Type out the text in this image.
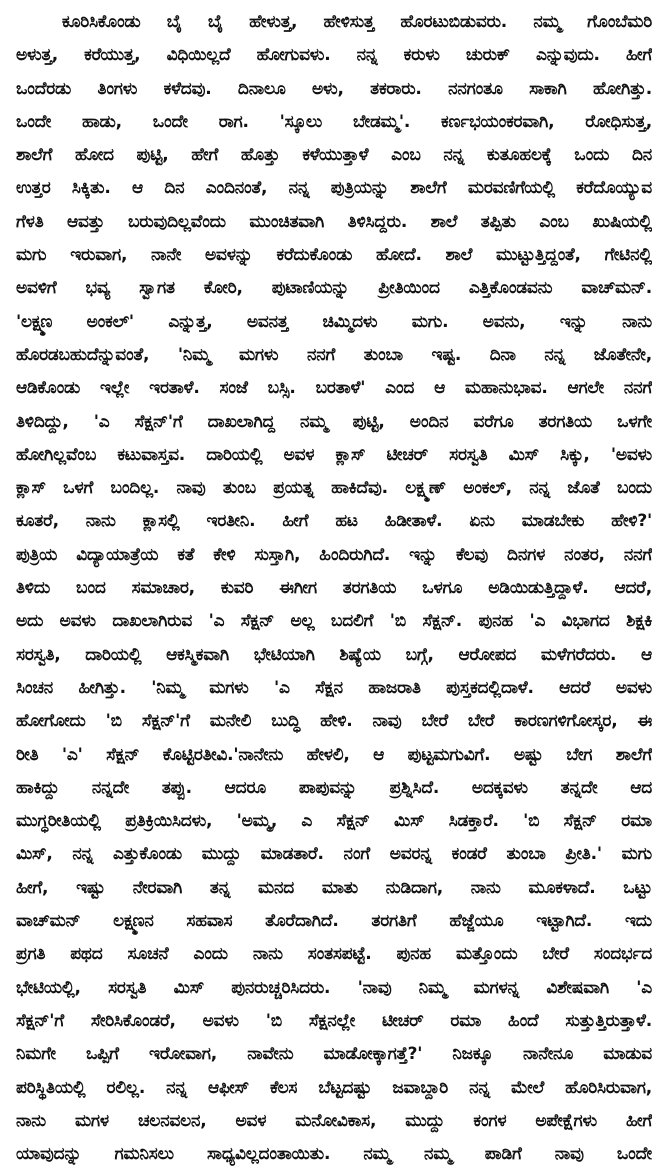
ಕೂರಿಸಿಕೊಂಡು ಬೈ ಬೈ ಹೇಳುತ್ತ, ಹೇಳಿಸುತ್ತ ಹೊರಟುಬಿಡುವರು. ನಮ್ಮ ಗೊಂಬೆಮರಿ
ಅಳುತ್ತ, ಕರೆಯುತ್ತ, ವಿಧಿಯಿಲ್ಲದೆ ಹೋಗುವಳು. ನನ್ನ ಕರುಳು ಚುರುಕ್ ಎನ್ನುವುದು. ಹೀಗೆ
ಒಂದೆರಡು ತಿಂಗಳು ಕಳೆದವು. ದಿನಾಲೂ ಅಳು, ತಕರಾರು. ನನಗಂತೂ ಸಾಕಾಗಿ ಹೋಗಿತ್ತು.
ಒಂದೇ ಹಾಡು, ಒಂದೇ ರಾಗ. 'ಸ್ಕೂಲು ಬೇಡಮ್ಮ'. ಕರ್ಣಭಯಂಕರವಾಗಿ, ರೋಧಿಸುತ್ತ,
ಶಾಲೆಗೆ ಹೋದ ಪುಟ್ಟಿ, ಹೇಗೆ ಹೊತ್ತು ಕಳೆಯುತ್ತಾಳೆ ಎಂಬ ನನ್ನ ಕುತೂಹಲಕ್ಕೆ ಒಂದು ದಿನ
ಉತ್ತರ ಸಿಕ್ಕಿತು. ಆ ದಿನ ಎಂದಿನಂತೆ, ನನ್ನ ಪುತ್ರಿಯನ್ನು ಶಾಲೆಗೆ ಮರವಣಿಗೆಯಲ್ಲಿ ಕರೆದೊಯ್ಯುವ
ಗೆಳತಿ ಆವತ್ತು ಬರುವುದಿಲ್ಲವೆಂದು ಮುಂಚಿತವಾಗಿ ತಿಳಿಸಿದ್ದರು. ಶಾಲೆ ತಪ್ಪಿತು ಎಂಬ ಖುಷಿಯಲ್ಲಿ
ಮಗು ಇರುವಾಗ, ನಾನೇ ಅವಳನ್ನು ಕರೆದುಕೊಂಡು ಹೋದೆ. ಶಾಲೆ ಮುಟ್ಟುತ್ತಿದ್ದಂತೆ, ಗೇಟಿನಲ್ಲಿ
ಅವಳಿಗೆ ಭವ್ಯ ಸ್ವಾಗತ ಕೋರಿ, ಪುಟಾಣಿಯನ್ನು ಪ್ರೀತಿಯಿಂದ ಎತ್ತಿಕೊಂಡವನು ವಾಚ್‌ಮನ್.
'ಲಕ್ಷ್ಮಣ ಅಂಕಲ್' ಎನ್ನುತ್ತ, ಅವನತ್ತ ಚಿಮ್ಮಿದಳು ಮಗು. ಅವನು, ಇನ್ನು ನಾನು
ಹೊರಡಬಹುದೆನ್ನುವಂತೆ, 'ನಿಮ್ಮ ಮಗಳು ನನಗೆ ತುಂಬಾ ಇಷ್ಟ. ದಿನಾ ನನ್ನ ಜೊತೇನೇ,
ಆಡಿಕೊಂಡು ಇಲ್ಲೇ ಇರತಾಳೆ. ಸಂಜೆ ಬಸ್ಸಿ. ಬರತಾಳೆ' ಎಂದ ಆ ಮಹಾನುಭಾವ. ಆಗಲೇ ನನಗೆ
ತಿಳಿದಿದ್ದು, 'ಎ ಸೆಕ್ಷನ್'ಗೆ ದಾಖಲಾಗಿದ್ದ ನಮ್ಮ ಪುಟ್ಟಿ, ಅಂದಿನ ವರೆಗೂ ತರಗತಿಯ ಒಳಗೇ
ಹೋಗಿಲ್ಲವೆಂಬ ಕಟುವಾಸ್ತವ. ದಾರಿಯಲ್ಲಿ ಅವಳ ಕ್ಲಾಸ್ ಟೀಚರ್ ಸರಸ್ವತಿ ಮಿಸ್ ಸಿಕ್ಕು, 'ಅವಳು
ಕ್ಲಾಸ್ ಒಳಗೆ ಬಂದಿಲ್ಲ. ನಾವು ತುಂಬ ಪ್ರಯತ್ನ ಹಾಕಿದೆವು. ಲಕ್ಷ್ಮಣ್ ಅಂಕಲ್, ನನ್ನ ಜೊತೆ ಬಂದು
ಕೂತರೆ, ನಾನು ಕ್ಲಾಸಲ್ಲಿ ಇರತೀನಿ. ಹೀಗೆ ಹಟ ಹಿಡೀತಾಳೆ. ಏನು ಮಾಡಬೇಕು ಹೇಳಿ?'
ಪುತ್ರಿಯ ವಿದ್ಯಾಯಾತ್ರೆಯ ಕತೆ ಕೇಳಿ ಸುಸ್ತಾಗಿ, ಹಿಂದಿರುಗಿದೆ. ಇನ್ನು ಕೆಲವು ದಿನಗಳ ನಂತರ, ನನಗೆ
ತಿಳಿದು ಬಂದ ಸಮಾಚಾರ, ಕುವರಿ ಈಗೀಗ ತರಗತಿಯ ಒಳಗೂ ಅಡಿಯಿಡುತ್ತಿದ್ದಾಳೆ. ಆದರೆ,
ಅದು ಅವಳು ದಾಖಲಾಗಿರುವ 'ಎ ಸೆಕ್ಷನ್ ಅಲ್ಲ ಬದಲಿಗೆ 'ಬಿ ಸೆಕ್ಷನ್. ಪುನಹ 'ಎ ವಿಭಾಗದ ಶಿಕ್ಷಕಿ
ಸರಸ್ವತಿ, ದಾರಿಯಲ್ಲಿ ಆಕಸ್ಮಿಕವಾಗಿ ಭೇಟಿಯಾಗಿ ಶಿಷ್ಯೆಯ ಬಗ್ಗೆ, ಆರೋಪದ ಮಳೆಗರೆದರು. ಆ
ಸಿಂಚನ ಹೀಗಿತ್ತು. 'ನಿಮ್ಮ ಮಗಳು 'ಎ ಸೆಕ್ಷನ ಹಾಜರಾತಿ ಪುಸ್ತಕದಲ್ಲಿದಾಳೆ. ಆದರೆ ಅವಳು
ಹೋಗೋದು 'ಬಿ ಸೆಕ್ಷನ್'ಗೆ ಮನೇಲಿ ಬುದ್ಧಿ ಹೇಳಿ. ನಾವು ಬೇರೆ ಬೇರೆ ಕಾರಣಗಳಿಗೋಸ್ಕರ, ಈ
ರೀತಿ 'ಎ' ಸೆಕ್ಷನ್ ಕೊಟ್ಟಿರತೀವಿ.'ನಾನೇನು ಹೇಳಲಿ, ಆ ಪುಟ್ಟಮಗುವಿಗೆ. ಅಷ್ಟು ಬೇಗ ಶಾಲೆಗೆ
ಹಾಕಿದ್ದು ನನ್ನದೇ ತಪ್ಪು. ಆದರೂ ಪಾಪುವನ್ನು ಪ್ರಶ್ನಿಸಿದೆ. ಅದಕ್ಕವಳು ತನ್ನದೇ ಆದ
ಮುಗ್ಧರೀತಿಯಲ್ಲಿ ಪ್ರತಿಕ್ರಿಯಿಸಿದಳು, 'ಅಮ್ಮ, ಎ ಸೆಕ್ಷನ್ ಮಿಸ್ ಸಿಡಕ್ತಾರೆ. 'ಬಿ ಸೆಕ್ಷನ್ ರಮಾ
ಮಿಸ್, ನನ್ನ ಎತ್ತುಕೊಂಡು ಮುದ್ದು ಮಾಡತಾರೆ. ನಂಗೆ ಅವರನ್ನ ಕಂಡರೆ ತುಂಬಾ ಪ್ರೀತಿ.' ಮಗು
ಹೀಗೆ, ಇಷ್ಟು ನೇರವಾಗಿ ತನ್ನ ಮನದ ಮಾತು ನುಡಿದಾಗ, ನಾನು ಮೂಕಳಾದೆ. ಒಟ್ಟು
ವಾಚ್‌ಮನ್ ಲಕ್ಷ್ಮಣನ ಸಹವಾಸ ತೊರೆದಾಗಿದೆ. ತರಗತಿಗೆ ಹೆಜ್ಜೆಯೂ ಇಟ್ಟಾಗಿದೆ. ಇದು
ಪ್ರಗತಿ ಪಥದ ಸೂಚನೆ ಎಂದು ನಾನು ಸಂತಸಪಟ್ಟೆ. ಪುನಹ ಮತ್ತೊಂದು ಬೇರೆ ಸಂದರ್ಭದ
ಭೇಟಿಯಲ್ಲಿ, ಸರಸ್ವತಿ ಮಿಸ್ ಪುನರುಚ್ಚರಿಸಿದರು. 'ನಾವು ನಿಮ್ಮ ಮಗಳನ್ನ ವಿಶೇಷವಾಗಿ 'ಎ
ಸೆಕ್ಷನ್'ಗೆ ಸೇರಿಸಿಕೊಂಡರೆ, ಅವಳು 'ಬಿ ಸೆಕ್ಷನಲ್ಲೇ ಟೀಚರ್ ರಮಾ ಹಿಂದೆ ಸುತ್ತುತ್ತಿರುತ್ತಾಳೆ.
ನಿಮಗೇ ಒಪ್ಪಿಗೆ ಇರೋವಾಗ, ನಾವೇನು ಮಾಡೋಕ್ಕಾಗತ್ತೆ?' ನಿಜಕ್ಕೂ ನಾನೇನೂ ಮಾಡುವ
ಪರಿಸ್ಥಿತಿಯಲ್ಲಿ ರಲಿಲ್ಲ. ನನ್ನ ಆಫೀಸ್ ಕೆಲಸ ಬೆಟ್ಟದಷ್ಟು ಜವಾಬ್ದಾರಿ ನನ್ನ ಮೇಲೆ ಹೊರಿಸಿರುವಾಗ,
ನಾನು ಮಗಳ ಚಲನವಲನ, ಅವಳ ಮನೋವಿಕಾಸ, ಮುದ್ದು ಕಂಗಳ ಅಪೇಕ್ಷೆಗಳು ಹೀಗೆ
ಯಾವುದನ್ನು ಗಮನಿಸಲು ಸಾಧ್ಯವಿಲ್ಲದಂತಾಯಿತು. ನಮ್ಮ ನಮ್ಮ ಪಾಡಿಗೆ ನಾವು ಒಂದೇ
